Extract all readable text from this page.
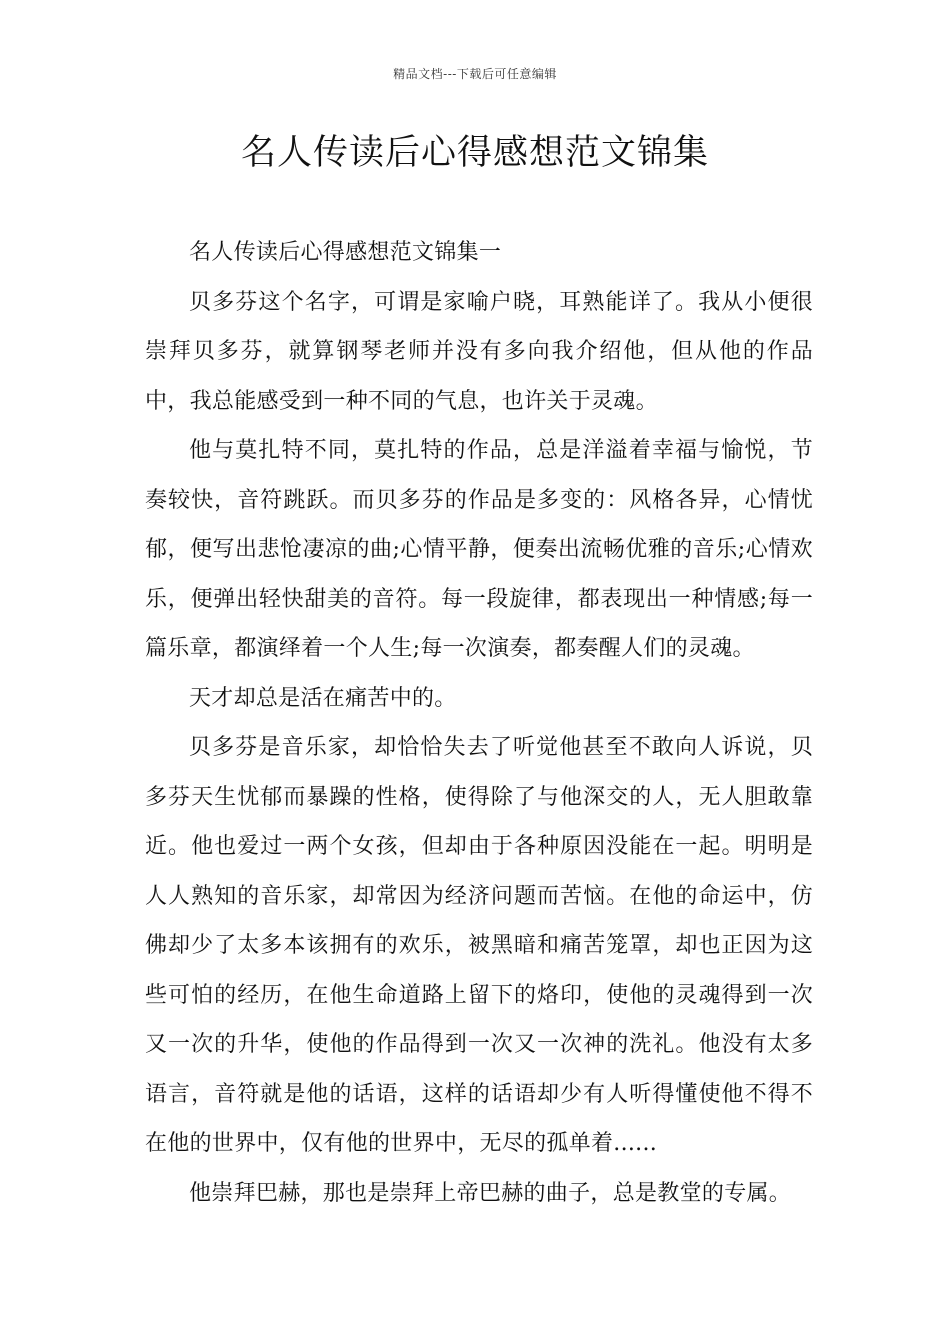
精品文档---下载后可任意编辑
名人传读后心得感想范文锦集

名人传读后心得感想范文锦集一

贝多芬这个名字，可谓是家喻户晓，耳熟能详了。我从小便很崇拜贝多芬，就算钢琴老师并没有多向我介绍他，但从他的作品中，我总能感受到一种不同的气息，也许关于灵魂。

他与莫扎特不同，莫扎特的作品，总是洋溢着幸福与愉悦，节奏较快，音符跳跃。而贝多芬的作品是多变的：风格各异，心情忧郁，便写出悲怆凄凉的曲;心情平静，便奏出流畅优雅的音乐;心情欢乐，便弹出轻快甜美的音符。每一段旋律，都表现出一种情感;每一篇乐章，都演绎着一个人生;每一次演奏，都奏醒人们的灵魂。

天才却总是活在痛苦中的。

贝多芬是音乐家，却恰恰失去了听觉他甚至不敢向人诉说，贝多芬天生忧郁而暴躁的性格，使得除了与他深交的人，无人胆敢靠近。他也爱过一两个女孩，但却由于各种原因没能在一起。明明是人人熟知的音乐家，却常因为经济问题而苦恼。在他的命运中，仿佛却少了太多本该拥有的欢乐，被黑暗和痛苦笼罩，却也正因为这些可怕的经历，在他生命道路上留下的烙印，使他的灵魂得到一次又一次的升华，使他的作品得到一次又一次神的洗礼。他没有太多语言，音符就是他的话语，这样的话语却少有人听得懂使他不得不在他的世界中，仅有他的世界中，无尽的孤单着......

他崇拜巴赫，那也是崇拜上帝巴赫的曲子，总是教堂的专属。
